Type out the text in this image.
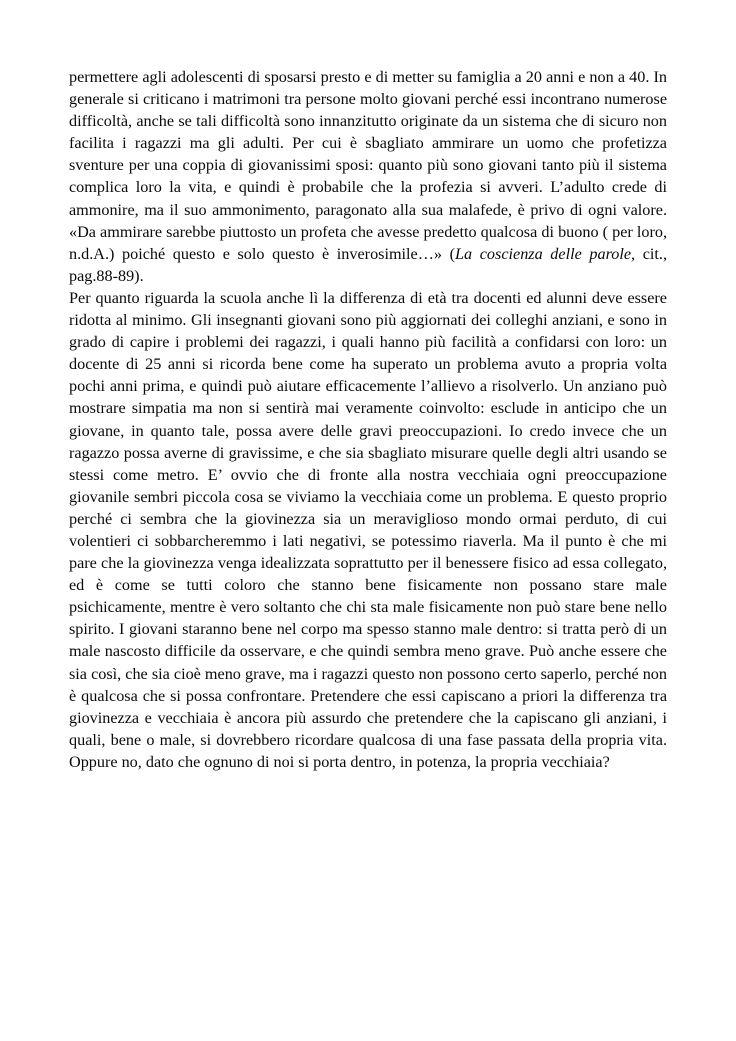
permettere agli adolescenti di sposarsi presto e di metter su famiglia a 20 anni e non a 40. In generale si criticano i matrimoni tra persone molto giovani perché essi incontrano numerose difficoltà, anche se tali difficoltà sono innanzitutto originate da un sistema che di sicuro non facilita i ragazzi ma gli adulti. Per cui è sbagliato ammirare un uomo che profetizza sventure per una coppia di giovanissimi sposi: quanto più sono giovani tanto più il sistema complica loro la vita, e quindi è probabile che la profezia si avveri. L’adulto crede di ammonire, ma il suo ammonimento, paragonato alla sua malafede, è privo di ogni valore. «Da ammirare sarebbe piuttosto un profeta che avesse predetto qualcosa di buono ( per loro, n.d.A.) poiché questo e solo questo è inverosimile…» (La coscienza delle parole, cit., pag.88-89).

Per quanto riguarda la scuola anche lì la differenza di età tra docenti ed alunni deve essere ridotta al minimo. Gli insegnanti giovani sono più aggiornati dei colleghi anziani, e sono in grado di capire i problemi dei ragazzi, i quali hanno più facilità a confidarsi con loro: un docente di 25 anni si ricorda bene come ha superato un problema avuto a propria volta pochi anni prima, e quindi può aiutare efficacemente l’allievo a risolverlo. Un anziano può mostrare simpatia ma non si sentirà mai veramente coinvolto: esclude in anticipo che un giovane, in quanto tale, possa avere delle gravi preoccupazioni. Io credo invece che un ragazzo possa averne di gravissime, e che sia sbagliato misurare quelle degli altri usando se stessi come metro. E’ ovvio che di fronte alla nostra vecchiaia ogni preoccupazione giovanile sembri piccola cosa se viviamo la vecchiaia come un problema. E questo proprio perché ci sembra che la giovinezza sia un meraviglioso mondo ormai perduto, di cui volentieri ci sobbarcheremmo i lati negativi, se potessimo riaverla. Ma il punto è che mi pare che la giovinezza venga idealizzata soprattutto per il benessere fisico ad essa collegato, ed è come se tutti coloro che stanno bene fisicamente non possano stare male psichicamente, mentre è vero soltanto che chi sta male fisicamente non può stare bene nello spirito. I giovani staranno bene nel corpo ma spesso stanno male dentro: si tratta però di un male nascosto difficile da osservare, e che quindi sembra meno grave. Può anche essere che sia così, che sia cioè meno grave, ma i ragazzi questo non possono certo saperlo, perché non è qualcosa che si possa confrontare. Pretendere che essi capiscano a priori la differenza tra giovinezza e vecchiaia è ancora più assurdo che pretendere che la capiscano gli anziani, i quali, bene o male, si dovrebbero ricordare qualcosa di una fase passata della propria vita. Oppure no, dato che ognuno di noi si porta dentro, in potenza, la propria vecchiaia?
